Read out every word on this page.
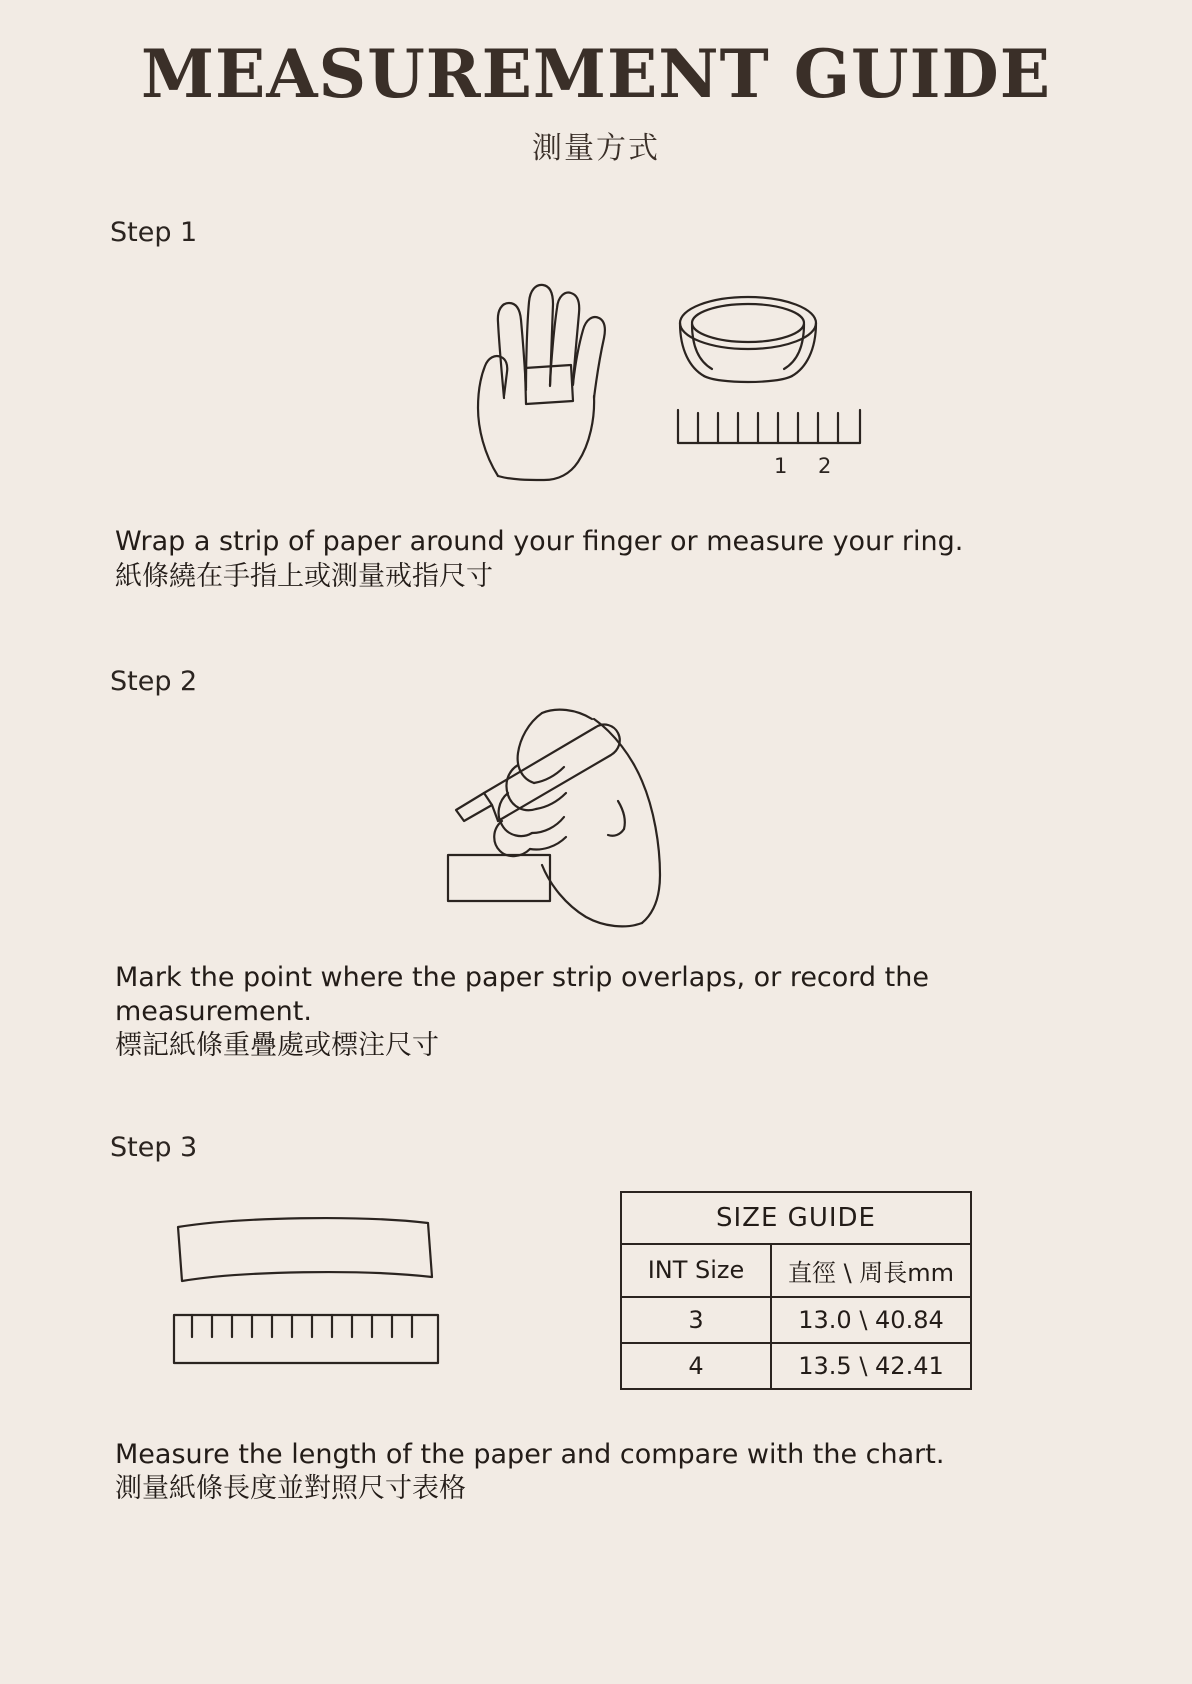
MEASUREMENT GUIDE
測量方式
Step 1
1 2
Wrap a strip of paper around your finger or measure your ring.
紙條繞在手指上或測量戒指尺寸
Step 2
Mark the point where the paper strip overlaps, or record the measurement.
標記紙條重疊處或標注尺寸
Step 3
SIZE GUIDE	
INT Size	直徑 \ 周長mm
3	13.0 \ 40.84
4	13.5 \ 42.41
Measure the length of the paper and compare with the chart.
測量紙條長度並對照尺寸表格
